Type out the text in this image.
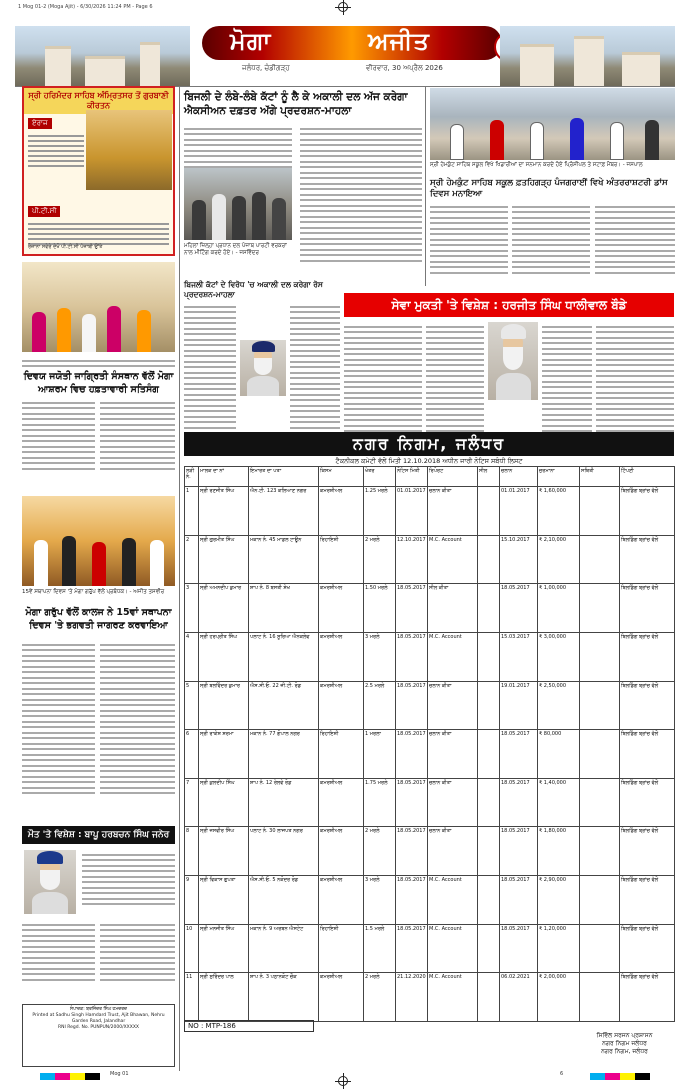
1 Mog 01-2 (Moga Ajit) - 6/30/2026 11:24 PM - Page 6
ਮੋਗਾ	ਅਜੀਤ
ਜਲੰਧਰ, ਚੰਡੀਗੜ੍ਹ	ਵੀਰਵਾਰ, 30 ਅਪ੍ਰੈਲ 2026
ਸ੍ਰੀ ਹਰਿਮੰਦਰ ਸਾਹਿਬ ਅੰਮ੍ਰਿਤਸਰ ਤੋਂ ਗੁਰਬਾਣੀ ਕੀਰਤਨ
ਏਰਾਜ
ਪੀ.ਟੀ.ਸੀ
ਰੋਜ਼ਾਨਾ ਸਵੇਰੇ ਦੇਖੋ ਪੀ.ਟੀ.ਸੀ ਪੰਜਾਬੀ ਉੱਤੇ
ਬਿਜਲੀ ਦੇ ਲੰਬੇ-ਲੰਬੇ ਕੱਟਾਂ ਨੂੰ ਲੈ ਕੇ ਅਕਾਲੀ ਦਲ ਅੱਜ ਕਰੇਗਾ ਐਕਸੀਅਨ ਦਫ਼ਤਰ ਅੱਗੇ ਪ੍ਰਦਰਸ਼ਨ-ਮਾਹਲਾ
ਮਹਿਲਾਂ ਜ਼ਿਲ੍ਹਾ ਪ੍ਰਧਾਨ ਦਲ ਪੰਜਾਬ ਪਾਰਟੀ ਵਰਕਰਾਂ ਨਾਲ ਮੀਟਿੰਗ ਕਰਦੇ ਹੋਏ। - ਜਸਵਿੰਦਰ
ਸ੍ਰੀ ਹੇਮਕੁੰਟ ਸਾਹਿਬ ਸਕੂਲ ਵਿਖੇ ਖਿਡਾਰੀਆਂ ਦਾ ਸਨਮਾਨ ਕਰਦੇ ਹੋਏ ਪ੍ਰਿੰਸੀਪਲ ਤੇ ਸਟਾਫ਼ ਮੈਂਬਰ। - ਜਸਪਾਲ
ਸ੍ਰੀ ਹੇਮਕੁੰਟ ਸਾਹਿਬ ਸਕੂਲ ਫ਼ਤਹਿਗੜ੍ਹ ਪੰਜਗਰਾਈਂ ਵਿਖੇ ਅੰਤਰਰਾਸ਼ਟਰੀ ਡਾਂਸ ਦਿਵਸ ਮਨਾਇਆ
ਦਿਵਯ ਜਯੋਤੀ ਜਾਗ੍ਰਿਤੀ ਸੰਸਥਾਨ ਵੱਲੋਂ ਮੋਗਾ ਆਸ਼ਰਮ ਵਿਚ ਹਫ਼ਤਾਵਾਰੀ ਸਤਿਸੰਗ
15ਵੇਂ ਸਥਾਪਨਾ ਦਿਵਸ 'ਤੇ ਮੋਗਾ ਗਰੁੱਪ ਵੱਲੋਂ ਪ੍ਰਬੰਧਕ। - ਅਜੀਤ ਤਸਵੀਰ
ਮੋਗਾ ਗਰੁੱਪ ਵੱਲੋਂ ਕਾਲਜ ਨੇ 15ਵਾਂ ਸਥਾਪਨਾ ਦਿਵਸ 'ਤੇ ਭਗਵਤੀ ਜਾਗਰਣ ਕਰਵਾਇਆ
ਮੌਤ 'ਤੇ ਵਿਸ਼ੇਸ਼ : ਬਾਪੂ ਹਰਬਚਨ ਸਿੰਘ ਜਨੇਰ
ਸੰਪਾਦਕ: ਬਰਜਿੰਦਰ ਸਿੰਘ ਹਮਦਰਦ
Printed at Sadhu Singh Hamdard Trust, Ajit Bhawan, Nehru Garden Road, Jalandhar
RNI Regd. No. PUNPUN/2000/XXXXX
ਬਿਜਲੀ ਕੱਟਾਂ ਦੇ ਵਿਰੋਧ 'ਚ ਅਕਾਲੀ ਦਲ ਕਰੇਗਾ ਰੋਸ ਪ੍ਰਦਰਸ਼ਨ-ਮਾਹਲਾ
ਸੇਵਾ ਮੁਕਤੀ 'ਤੇ ਵਿਸ਼ੇਸ਼ : ਹਰਜੀਤ ਸਿੰਘ ਧਾਲੀਵਾਲ ਬੌਡੇ
ਨਗਰ ਨਿਗਮ, ਜਲੰਧਰ
ਟੈਕਨੀਕਲ ਕਮੇਟੀ ਵੱਲੋਂ ਮਿਤੀ 12.10.2018 ਅਧੀਨ ਜਾਰੀ ਨੋਟਿਸ ਸਬੰਧੀ ਲਿਸਟ
ਲੜੀ ਨੰ.	ਮਾਲਕ ਦਾ ਨਾਂ	ਇਮਾਰਤ ਦਾ ਪਤਾ	ਕਿਸਮ	ਖੇਤਰ	ਨੋਟਿਸ ਮਿਤੀ	ਰਿਪੋਰਟ	ਸੀਲ	ਚਲਾਨ	ਜੁਰਮਾਨਾ	ਸਥਿਤੀ	ਟਿੱਪਣੀ
1	ਸ੍ਰੀ ਰਣਜੀਤ ਸਿੰਘ	ਐਨ.ਟੀ. 123 ਕਲਿਆਣ ਨਗਰ	ਕਮਰਸ਼ੀਅਲ	1.25 ਮਰਲੇ	01.01.2017	ਚਲਾਨ ਕੀਤਾ		01.01.2017	₹ 1,60,000		ਬਿਲਡਿੰਗ ਬ੍ਰਾਂਚ ਵੱਲੋਂ
2	ਸ੍ਰੀ ਗੁਰਮੀਤ ਸਿੰਘ	ਮਕਾਨ ਨੰ. 45 ਮਾਡਲ ਟਾਊਨ	ਰਿਹਾਇਸ਼ੀ	2 ਮਰਲੇ	12.10.2017	M.C. Account		15.10.2017	₹ 2,10,000		ਬਿਲਡਿੰਗ ਬ੍ਰਾਂਚ ਵੱਲੋਂ
3	ਸ੍ਰੀ ਅਮਨਦੀਪ ਕੁਮਾਰ	ਸ਼ਾਪ ਨੰ. 8 ਬਸਤੀ ਸ਼ੇਖ	ਕਮਰਸ਼ੀਅਲ	1.50 ਮਰਲੇ	18.05.2017	ਸੀਲ ਕੀਤਾ		18.05.2017	₹ 1,00,000		ਬਿਲਡਿੰਗ ਬ੍ਰਾਂਚ ਵੱਲੋਂ
4	ਸ੍ਰੀ ਹਰਪ੍ਰੀਤ ਸਿੰਘ	ਪਲਾਟ ਨੰ. 16 ਸੂਰਿਆ ਐਨਕਲੇਵ	ਕਮਰਸ਼ੀਅਲ	3 ਮਰਲੇ	18.05.2017	M.C. Account		15.03.2017	₹ 3,00,000		ਬਿਲਡਿੰਗ ਬ੍ਰਾਂਚ ਵੱਲੋਂ
5	ਸ੍ਰੀ ਬਲਵਿੰਦਰ ਕੁਮਾਰ	ਐਸ.ਸੀ.ਓ. 22 ਜੀ.ਟੀ. ਰੋਡ	ਕਮਰਸ਼ੀਅਲ	2.5 ਮਰਲੇ	18.05.2017	ਚਲਾਨ ਕੀਤਾ		19.01.2017	₹ 2,50,000		ਬਿਲਡਿੰਗ ਬ੍ਰਾਂਚ ਵੱਲੋਂ
6	ਸ੍ਰੀ ਰਾਕੇਸ਼ ਸ਼ਰਮਾ	ਮਕਾਨ ਨੰ. 77 ਗੋਪਾਲ ਨਗਰ	ਰਿਹਾਇਸ਼ੀ	1 ਮਰਲਾ	18.05.2017	ਚਲਾਨ ਕੀਤਾ		18.05.2017	₹ 80,000		ਬਿਲਡਿੰਗ ਬ੍ਰਾਂਚ ਵੱਲੋਂ
7	ਸ੍ਰੀ ਕੁਲਦੀਪ ਸਿੰਘ	ਸ਼ਾਪ ਨੰ. 12 ਰੇਲਵੇ ਰੋਡ	ਕਮਰਸ਼ੀਅਲ	1.75 ਮਰਲੇ	18.05.2017	ਚਲਾਨ ਕੀਤਾ		18.05.2017	₹ 1,40,000		ਬਿਲਡਿੰਗ ਬ੍ਰਾਂਚ ਵੱਲੋਂ
8	ਸ੍ਰੀ ਜਸਵੀਰ ਸਿੰਘ	ਪਲਾਟ ਨੰ. 30 ਲਾਜਪਤ ਨਗਰ	ਕਮਰਸ਼ੀਅਲ	2 ਮਰਲੇ	18.05.2017	ਚਲਾਨ ਕੀਤਾ		18.05.2017	₹ 1,80,000		ਬਿਲਡਿੰਗ ਬ੍ਰਾਂਚ ਵੱਲੋਂ
9	ਸ੍ਰੀ ਵਿਕਾਸ ਗੁਪਤਾ	ਐਸ.ਸੀ.ਓ. 5 ਨਕੋਦਰ ਰੋਡ	ਕਮਰਸ਼ੀਅਲ	3 ਮਰਲੇ	18.05.2017	M.C. Account		18.05.2017	₹ 2,90,000		ਬਿਲਡਿੰਗ ਬ੍ਰਾਂਚ ਵੱਲੋਂ
10	ਸ੍ਰੀ ਮਨਜੀਤ ਸਿੰਘ	ਮਕਾਨ ਨੰ. 9 ਅਰਬਨ ਐਸਟੇਟ	ਰਿਹਾਇਸ਼ੀ	1.5 ਮਰਲੇ	18.05.2017	M.C. Account		18.05.2017	₹ 1,20,000		ਬਿਲਡਿੰਗ ਬ੍ਰਾਂਚ ਵੱਲੋਂ
11	ਸ੍ਰੀ ਸੁਰਿੰਦਰ ਪਾਲ	ਸ਼ਾਪ ਨੰ. 3 ਪਠਾਨਕੋਟ ਚੌਕ	ਕਮਰਸ਼ੀਅਲ	2 ਮਰਲੇ	21.12.2020	M.C. Account		06.02.2021	₹ 2,00,000		ਬਿਲਡਿੰਗ ਬ੍ਰਾਂਚ ਵੱਲੋਂ
NO : MTP-186
ਸਿਵਿੱਲ ਸਰਜਨ ਪ੍ਰਸ਼ਾਸਨ
ਨਗਰ ਨਿਗਮ ਜਲੰਧਰ
ਨਗਰ ਨਿਗਮ, ਜਲੰਧਰ
Mog 01	6
